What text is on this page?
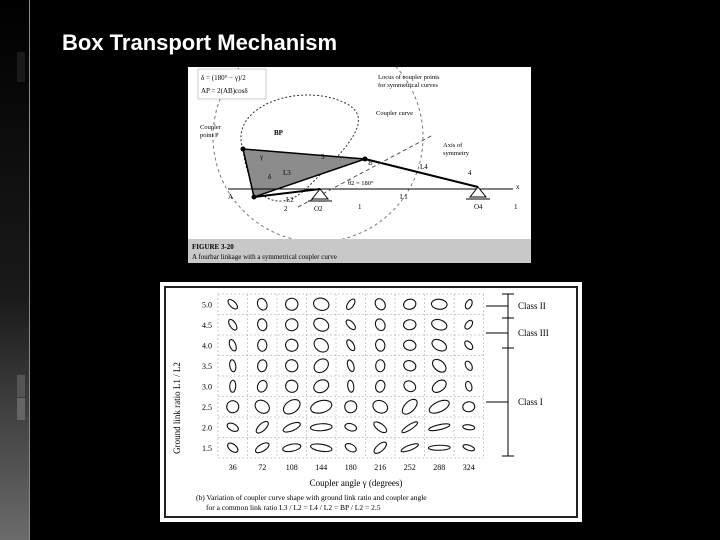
Box Transport Mechanism
δ = (180° − γ)/2
AP = 2(AB)cosδ
Locus of coupler points
for symmetrical curves
Coupler curve
Coupler
point P
Axis of
symmetry
BP
L3
L4
L2	L1
A
B
O2	O4
θ2 = 180°
4
3
2	1	1
γ
δ
x
FIGURE 3-20
A fourbar linkage with a symmetrical coupler curve
Ground link ratio L1 / L2
Coupler angle γ (degrees)
(b) Variation of coupler curve shape with ground link ratio and coupler angle
for a common link ratio L3 / L2 = L4 / L2 = BP / L2 = 2.5
Class II
Class III
Class I
5.0
4.5
4.0
3.5
3.0
2.5
2.0
1.5
36	72 108 144 180 216 252 288 324
